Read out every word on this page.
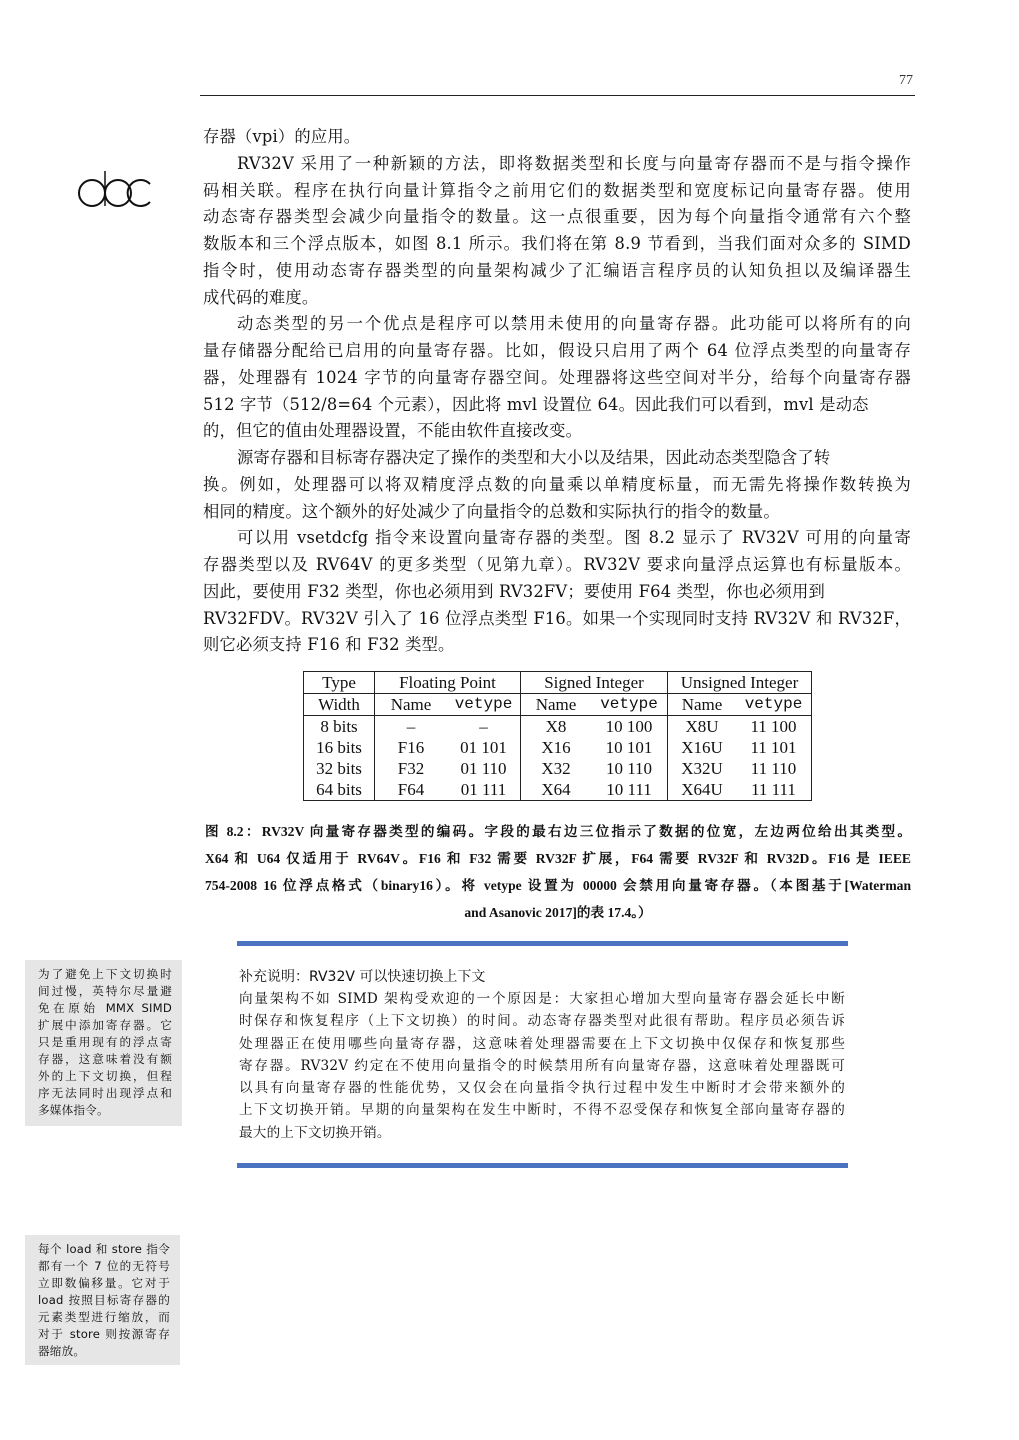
77
存器（vpi）的应用。
RV32V 采用了一种新颖的方法，即将数据类型和长度与向量寄存器而不是与指令操作
码相关联。程序在执行向量计算指令之前用它们的数据类型和宽度标记向量寄存器。使用
动态寄存器类型会减少向量指令的数量。这一点很重要，因为每个向量指令通常有六个整
数版本和三个浮点版本，如图 8.1 所示。我们将在第 8.9 节看到，当我们面对众多的 SIMD
指令时，使用动态寄存器类型的向量架构减少了汇编语言程序员的认知负担以及编译器生
成代码的难度。
动态类型的另一个优点是程序可以禁用未使用的向量寄存器。此功能可以将所有的向
量存储器分配给已启用的向量寄存器。比如，假设只启用了两个 64 位浮点类型的向量寄存
器，处理器有 1024 字节的向量寄存器空间。处理器将这些空间对半分，给每个向量寄存器
512 字节（512/8=64 个元素），因此将 mvl 设置位 64。因此我们可以看到，mvl 是动态
的，但它的值由处理器设置，不能由软件直接改变。
源寄存器和目标寄存器决定了操作的类型和大小以及结果，因此动态类型隐含了转
换。例如，处理器可以将双精度浮点数的向量乘以单精度标量，而无需先将操作数转换为
相同的精度。这个额外的好处减少了向量指令的总数和实际执行的指令的数量。
可以用 vsetdcfg 指令来设置向量寄存器的类型。图 8.2 显示了 RV32V 可用的向量寄
存器类型以及 RV64V 的更多类型（见第九章）。RV32V 要求向量浮点运算也有标量版本。
因此，要使用 F32 类型，你也必须用到 RV32FV；要使用 F64 类型，你也必须用到
RV32FDV。RV32V 引入了 16 位浮点类型 F16。如果一个实现同时支持 RV32V 和 RV32F，
则它必须支持 F16 和 F32 类型。
Type	Floating Point		Signed Integer		Unsigned Integer	
Width	Name	vetype	Name	vetype	Name	vetype
8 bits	–	–	X8	10 100	X8U	11 100
16 bits	F16	01 101	X16	10 101	X16U	11 101
32 bits	F32	01 110	X32	10 110	X32U	11 110
64 bits	F64	01 111	X64	10 111	X64U	11 111
图 8.2：RV32V 向量寄存器类型的编码。字段的最右边三位指示了数据的位宽，左边两位给出其类型。
X64 和 U64 仅适用于 RV64V。F16 和 F32 需要 RV32F 扩展，F64 需要 RV32F 和 RV32D。F16 是 IEEE
754-2008 16 位浮点格式（binary16）。将 vetype 设置为 00000 会禁用向量寄存器。（本图基于[Waterman
and Asanovic 2017]的表 17.4。）
补充说明：RV32V 可以快速切换上下文
向量架构不如 SIMD 架构受欢迎的一个原因是：大家担心增加大型向量寄存器会延长中断
时保存和恢复程序（上下文切换）的时间。动态寄存器类型对此很有帮助。程序员必须告诉
处理器正在使用哪些向量寄存器，这意味着处理器需要在上下文切换中仅保存和恢复那些
寄存器。RV32V 约定在不使用向量指令的时候禁用所有向量寄存器，这意味着处理器既可
以具有向量寄存器的性能优势，又仅会在向量指令执行过程中发生中断时才会带来额外的
上下文切换开销。早期的向量架构在发生中断时，不得不忍受保存和恢复全部向量寄存器的
最大的上下文切换开销。
为了避免上下文切换时
间过慢，英特尔尽量避
免在原始 MMX SIMD
扩展中添加寄存器。它
只是重用现有的浮点寄
存器，这意味着没有额
外的上下文切换，但程
序无法同时出现浮点和
多媒体指令。
每个 load 和 store 指令
都有一个 7 位的无符号
立即数偏移量。它对于
load 按照目标寄存器的
元素类型进行缩放，而
对于 store 则按源寄存
器缩放。
